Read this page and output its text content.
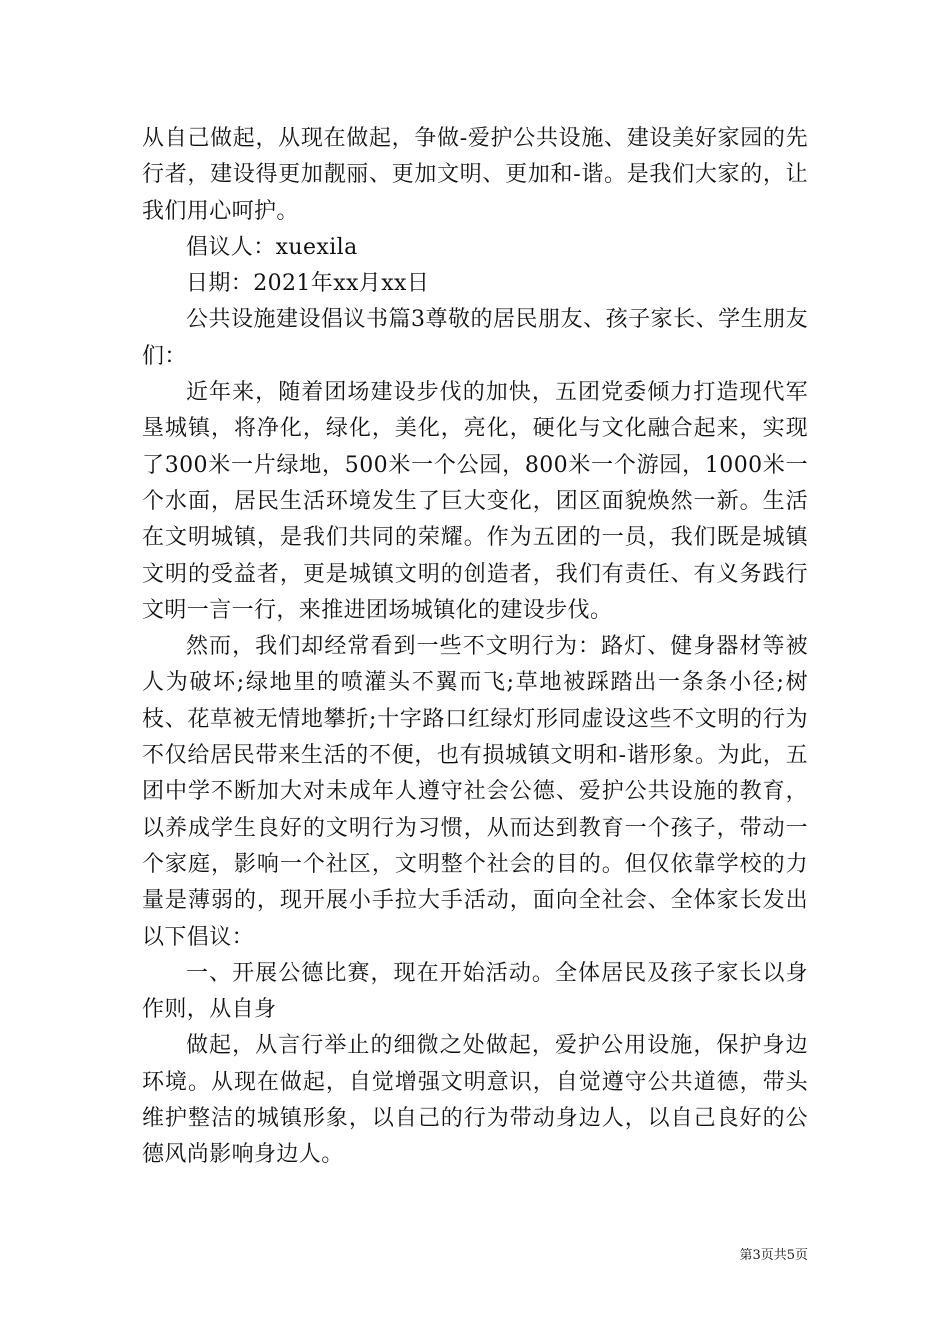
从自己做起，从现在做起，争做-爱护公共设施、建设美好家园的先行者，建设得更加靓丽、更加文明、更加和-谐。是我们大家的，让我们用心呵护。

倡议人：xuexila

日期：2021年xx月xx日

公共设施建设倡议书篇3尊敬的居民朋友、孩子家长、学生朋友们：

近年来，随着团场建设步伐的加快，五团党委倾力打造现代军垦城镇，将净化，绿化，美化，亮化，硬化与文化融合起来，实现了300米一片绿地，500米一个公园，800米一个游园，1000米一个水面，居民生活环境发生了巨大变化，团区面貌焕然一新。生活在文明城镇，是我们共同的荣耀。作为五团的一员，我们既是城镇文明的受益者，更是城镇文明的创造者，我们有责任、有义务践行文明一言一行，来推进团场城镇化的建设步伐。

然而，我们却经常看到一些不文明行为：路灯、健身器材等被人为破坏;绿地里的喷灌头不翼而飞;草地被踩踏出一条条小径;树枝、花草被无情地攀折;十字路口红绿灯形同虚设这些不文明的行为不仅给居民带来生活的不便，也有损城镇文明和-谐形象。为此，五团中学不断加大对未成年人遵守社会公德、爱护公共设施的教育，以养成学生良好的文明行为习惯，从而达到教育一个孩子，带动一个家庭，影响一个社区，文明整个社会的目的。但仅依靠学校的力量是薄弱的，现开展小手拉大手活动，面向全社会、全体家长发出以下倡议：

一、开展公德比赛，现在开始活动。全体居民及孩子家长以身作则，从自身

做起，从言行举止的细微之处做起，爱护公用设施，保护身边环境。从现在做起，自觉增强文明意识，自觉遵守公共道德，带头维护整洁的城镇形象，以自己的行为带动身边人，以自己良好的公德风尚影响身边人。

第3页共5页
